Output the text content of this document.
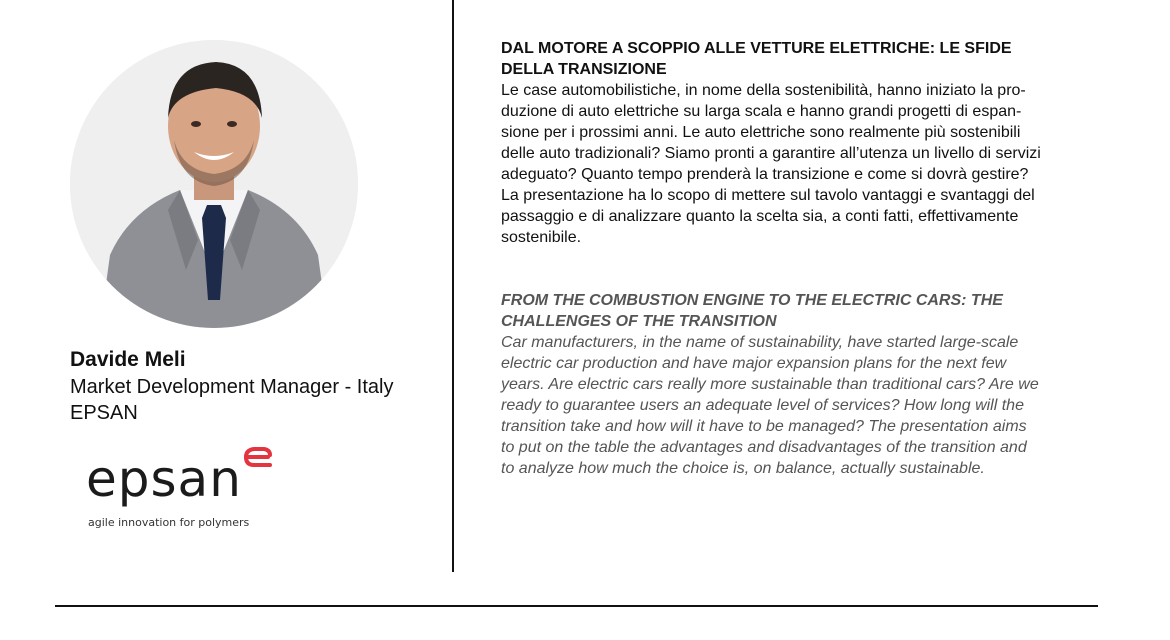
Davide Meli
Market Development Manager - Italy
EPSAN
epsan
agile innovation for polymers

DAL MOTORE A SCOPPIO ALLE VETTURE ELETTRICHE: LE SFIDE
DELLA TRANSIZIONE

Le case automobilistiche, in nome della sostenibilità, hanno iniziato la pro-
duzione di auto elettriche su larga scala e hanno grandi progetti di espan-
sione per i prossimi anni. Le auto elettriche sono realmente più sostenibili
delle auto tradizionali? Siamo pronti a garantire all’utenza un livello di servizi
adeguato? Quanto tempo prenderà la transizione e come si dovrà gestire?
La presentazione ha lo scopo di mettere sul tavolo vantaggi e svantaggi del
passaggio e di analizzare quanto la scelta sia, a conti fatti, effettivamente
sostenibile.

FROM THE COMBUSTION ENGINE TO THE ELECTRIC CARS: THE
CHALLENGES OF THE TRANSITION

Car manufacturers, in the name of sustainability, have started large-scale
electric car production and have major expansion plans for the next few
years. Are electric cars really more sustainable than traditional cars? Are we
ready to guarantee users an adequate level of services? How long will the
transition take and how will it have to be managed? The presentation aims
to put on the table the advantages and disadvantages of the transition and
to analyze how much the choice is, on balance, actually sustainable.
